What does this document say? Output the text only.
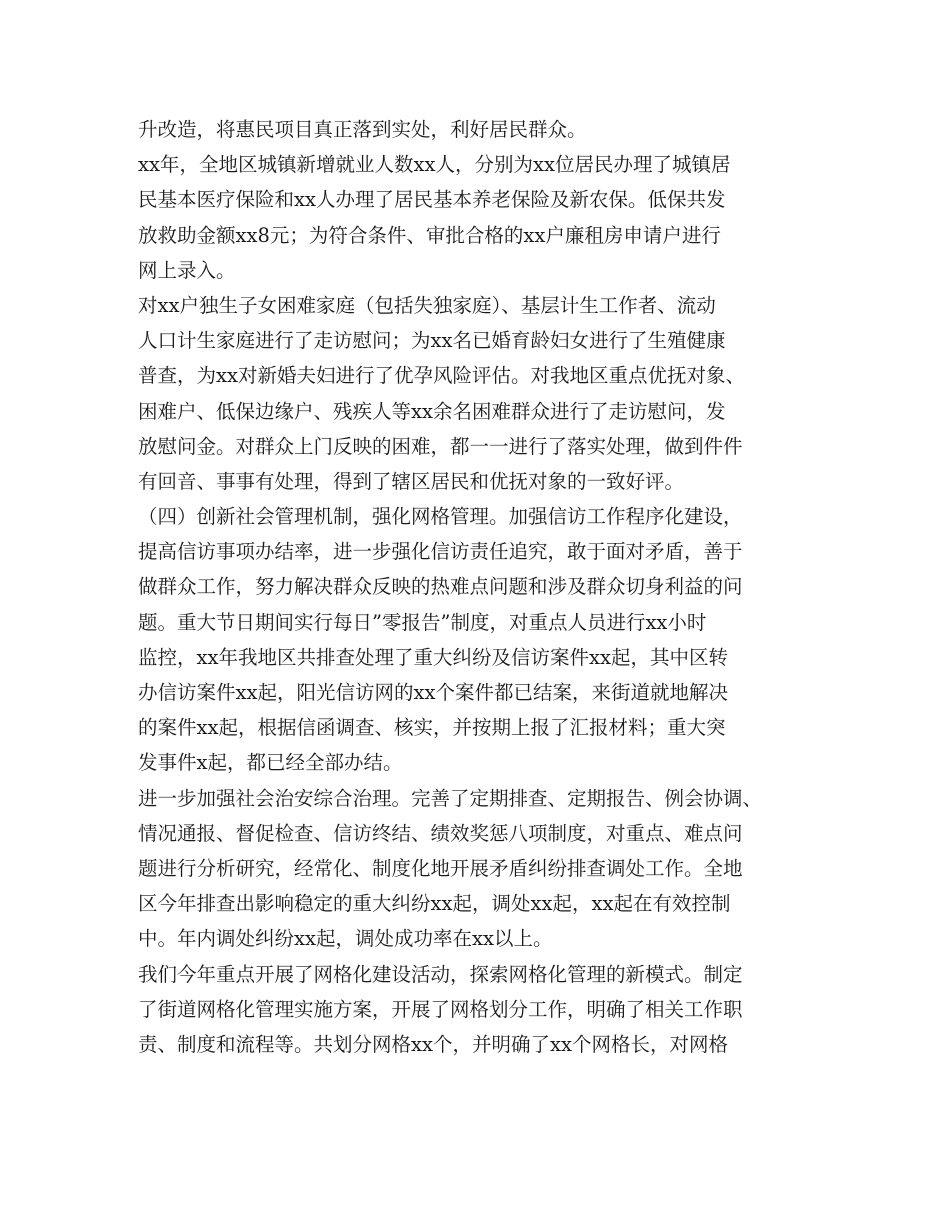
升改造，将惠民项目真正落到实处，利好居民群众。
xx年，全地区城镇新增就业人数xx人，分别为xx位居民办理了城镇居
民基本医疗保险和xx人办理了居民基本养老保险及新农保。低保共发
放救助金额xx8元；为符合条件、审批合格的xx户廉租房申请户进行
网上录入。
对xx户独生子女困难家庭（包括失独家庭）、基层计生工作者、流动
人口计生家庭进行了走访慰问；为xx名已婚育龄妇女进行了生殖健康
普查，为xx对新婚夫妇进行了优孕风险评估。对我地区重点优抚对象、
困难户、低保边缘户、残疾人等xx余名困难群众进行了走访慰问，发
放慰问金。对群众上门反映的困难，都一一进行了落实处理，做到件件
有回音、事事有处理，得到了辖区居民和优抚对象的一致好评。
（四）创新社会管理机制，强化网格管理。加强信访工作程序化建设，
提高信访事项办结率，进一步强化信访责任追究，敢于面对矛盾，善于
做群众工作，努力解决群众反映的热难点问题和涉及群众切身利益的问
题。重大节日期间实行每日”零报告”制度，对重点人员进行xx小时
监控，xx年我地区共排查处理了重大纠纷及信访案件xx起，其中区转
办信访案件xx起，阳光信访网的xx个案件都已结案，来街道就地解决
的案件xx起，根据信函调查、核实，并按期上报了汇报材料；重大突
发事件x起，都已经全部办结。
进一步加强社会治安综合治理。完善了定期排查、定期报告、例会协调、
情况通报、督促检查、信访终结、绩效奖惩八项制度，对重点、难点问
题进行分析研究，经常化、制度化地开展矛盾纠纷排查调处工作。全地
区今年排查出影响稳定的重大纠纷xx起，调处xx起，xx起在有效控制
中。年内调处纠纷xx起，调处成功率在xx以上。
我们今年重点开展了网格化建设活动，探索网格化管理的新模式。制定
了街道网格化管理实施方案，开展了网格划分工作，明确了相关工作职
责、制度和流程等。共划分网格xx个，并明确了xx个网格长，对网格
